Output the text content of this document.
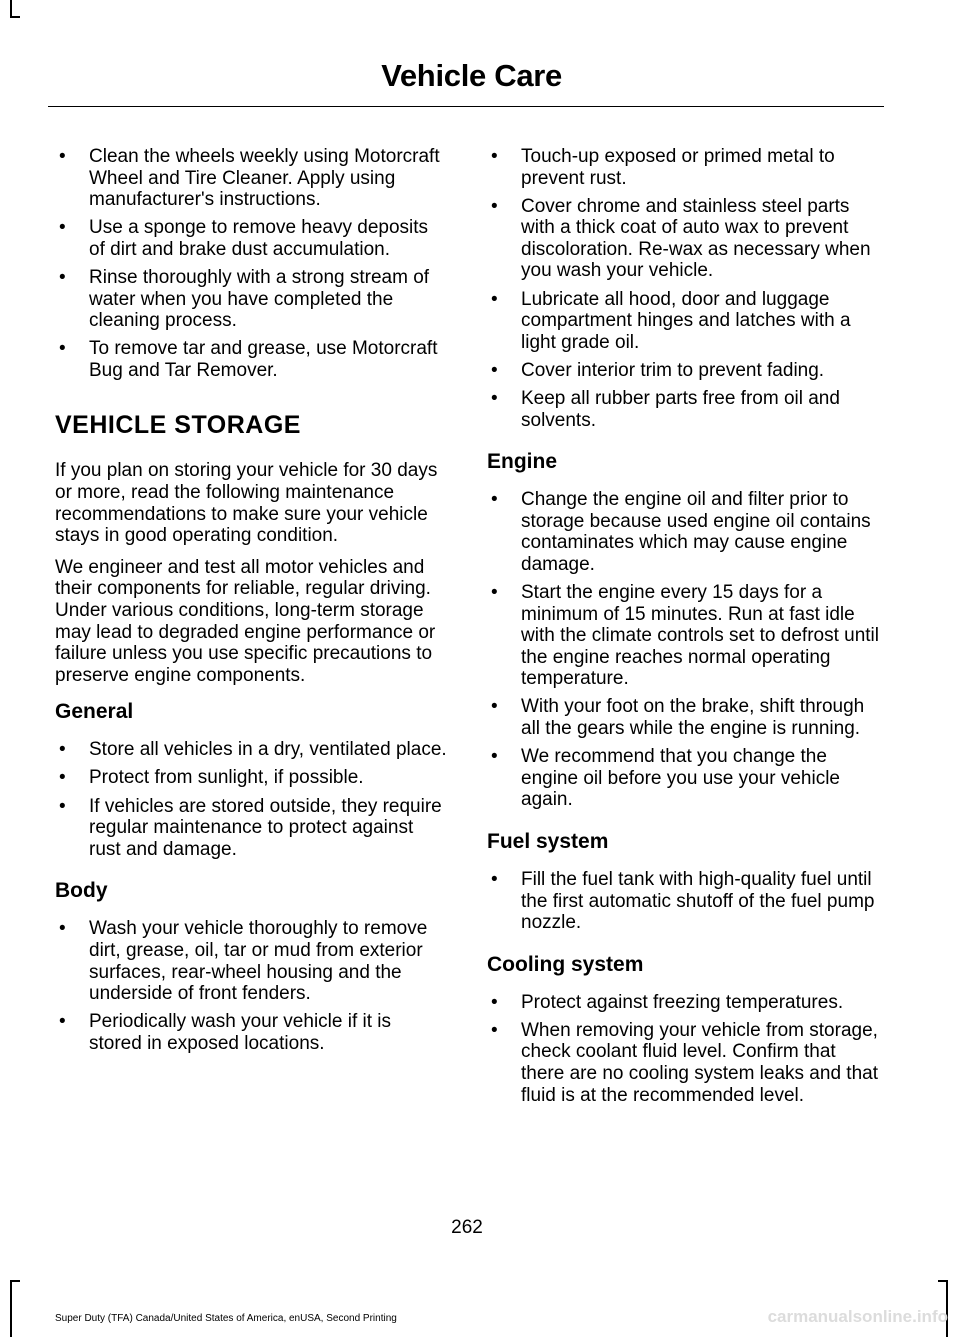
Vehicle Care
• Clean the wheels weekly using Motorcraft Wheel and Tire Cleaner. Apply using manufacturer's instructions.
• Use a sponge to remove heavy deposits of dirt and brake dust accumulation.
• Rinse thoroughly with a strong stream of water when you have completed the cleaning process.
• To remove tar and grease, use Motorcraft Bug and Tar Remover.
VEHICLE STORAGE

If you plan on storing your vehicle for 30 days or more, read the following maintenance recommendations to make sure your vehicle stays in good operating condition.

We engineer and test all motor vehicles and their components for reliable, regular driving. Under various conditions, long-term storage may lead to degraded engine performance or failure unless you use specific precautions to preserve engine components.

General
• Store all vehicles in a dry, ventilated place.
• Protect from sunlight, if possible.
• If vehicles are stored outside, they require regular maintenance to protect against rust and damage.
Body
• Wash your vehicle thoroughly to remove dirt, grease, oil, tar or mud from exterior surfaces, rear-wheel housing and the underside of front fenders.
• Periodically wash your vehicle if it is stored in exposed locations.
• Touch-up exposed or primed metal to prevent rust.
• Cover chrome and stainless steel parts with a thick coat of auto wax to prevent discoloration. Re-wax as necessary when you wash your vehicle.
• Lubricate all hood, door and luggage compartment hinges and latches with a light grade oil.
• Cover interior trim to prevent fading.
• Keep all rubber parts free from oil and solvents.
Engine
• Change the engine oil and filter prior to storage because used engine oil contains contaminates which may cause engine damage.
• Start the engine every 15 days for a minimum of 15 minutes. Run at fast idle with the climate controls set to defrost until the engine reaches normal operating temperature.
• With your foot on the brake, shift through all the gears while the engine is running.
• We recommend that you change the engine oil before you use your vehicle again.
Fuel system
• Fill the fuel tank with high-quality fuel until the first automatic shutoff of the fuel pump nozzle.
Cooling system
• Protect against freezing temperatures.
• When removing your vehicle from storage, check coolant fluid level. Confirm that there are no cooling system leaks and that fluid is at the recommended level.
262
Super Duty (TFA) Canada/United States of America, enUSA, Second Printing	carmanualsonline.info
